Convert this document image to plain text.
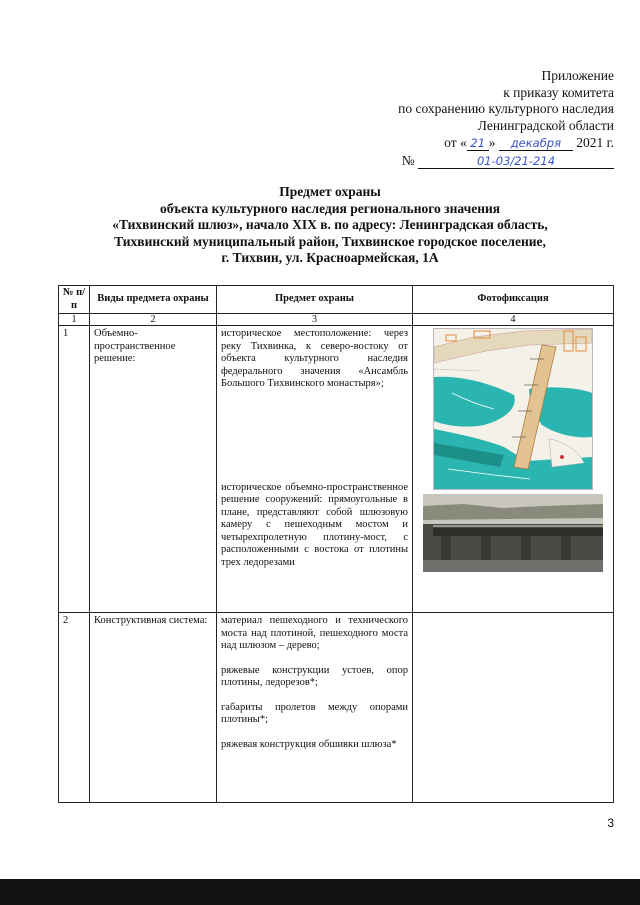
Приложение
к приказу комитета
по сохранению культурного наследия
Ленинградской области
от « 21 » декабря 2021 г.
№	01-03/21-214
Предмет охраны
объекта культурного наследия регионального значения
«Тихвинский шлюз», начало XIX в. по адресу: Ленинградская область,
Тихвинский муниципальный район, Тихвинское городское поселение,
г. Тихвин, ул. Красноармейская, 1А
№ п/п	Виды предмета охраны	Предмет охраны	Фотофиксация
1	2	3	4
1	Объемно-пространственное решение:	историческое местоположение: через реку Тихвинка, к северо-востоку от объекта культурного наследия федерального значения «Ансамбль Большого Тихвинского монастыря»;
историческое объемно-пространственное решение сооружений: прямоугольные в плане, представляют собой шлюзовую камеру с пешеходным мостом и четырехпролетную плотину-мост, с расположенными с востока от плотины трех ледорезами

2	Конструктивная система:	материал пешеходного и технического моста над плотиной, пешеходного моста над шлюзом – дерево;
ряжевые конструкции устоев, опор плотины, ледорезов*;
габариты пролетов между опорами плотины*;
ряжевая конструкция обшивки шлюза*	

3
